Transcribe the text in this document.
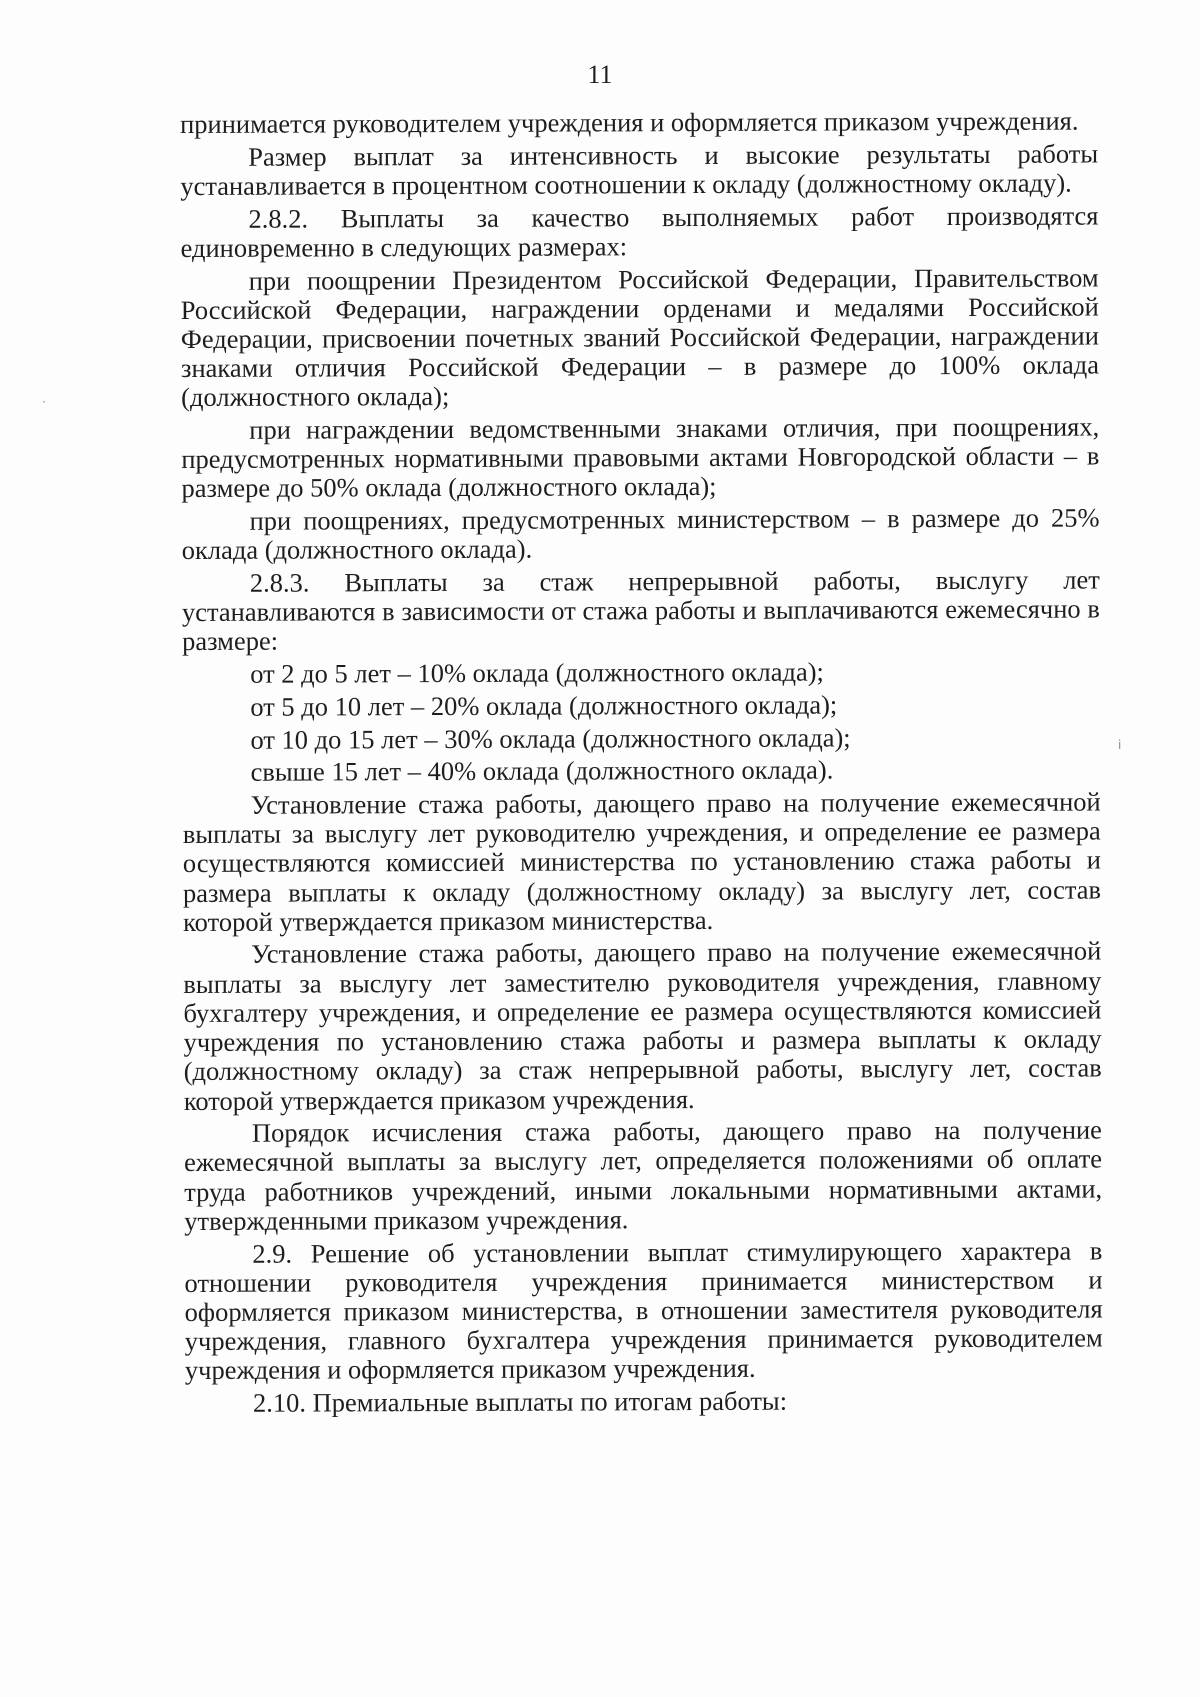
11

принимается руководителем учреждения и оформляется приказом учреждения.

Размер выплат за интенсивность и высокие результаты работы устанавливается в процентном соотношении к окладу (должностному окладу).

2.8.2. Выплаты за качество выполняемых работ производятся единовременно в следующих размерах:

при поощрении Президентом Российской Федерации, Правительством Российской Федерации, награждении орденами и медалями Российской Федерации, присвоении почетных званий Российской Федерации, награждении знаками отличия Российской Федерации – в размере до 100% оклада (должностного оклада);

при награждении ведомственными знаками отличия, при поощрениях, предусмотренных нормативными правовыми актами Новгородской области – в размере до 50% оклада (должностного оклада);

при поощрениях, предусмотренных министерством – в размере до 25% оклада (должностного оклада).

2.8.3. Выплаты за стаж непрерывной работы, выслугу лет устанавливаются в зависимости от стажа работы и выплачиваются ежемесячно в размере:

от 2 до 5 лет – 10% оклада (должностного оклада);

от 5 до 10 лет – 20% оклада (должностного оклада);

от 10 до 15 лет – 30% оклада (должностного оклада);

свыше 15 лет – 40% оклада (должностного оклада).

Установление стажа работы, дающего право на получение ежемесячной выплаты за выслугу лет руководителю учреждения, и определение ее размера осуществляются комиссией министерства по установлению стажа работы и размера выплаты к окладу (должностному окладу) за выслугу лет, состав которой утверждается приказом министерства.

Установление стажа работы, дающего право на получение ежемесячной выплаты за выслугу лет заместителю руководителя учреждения, главному бухгалтеру учреждения, и определение ее размера осуществляются комиссией учреждения по установлению стажа работы и размера выплаты к окладу (должностному окладу) за стаж непрерывной работы, выслугу лет, состав которой утверждается приказом учреждения.

Порядок исчисления стажа работы, дающего право на получение ежемесячной выплаты за выслугу лет, определяется положениями об оплате труда работников учреждений, иными локальными нормативными актами, утвержденными приказом учреждения.

2.9. Решение об установлении выплат стимулирующего характера в отношении руководителя учреждения принимается министерством и оформляется приказом министерства, в отношении заместителя руководителя учреждения, главного бухгалтера учреждения принимается руководителем учреждения и оформляется приказом учреждения.

2.10. Премиальные выплаты по итогам работы:

·
ⅰ
